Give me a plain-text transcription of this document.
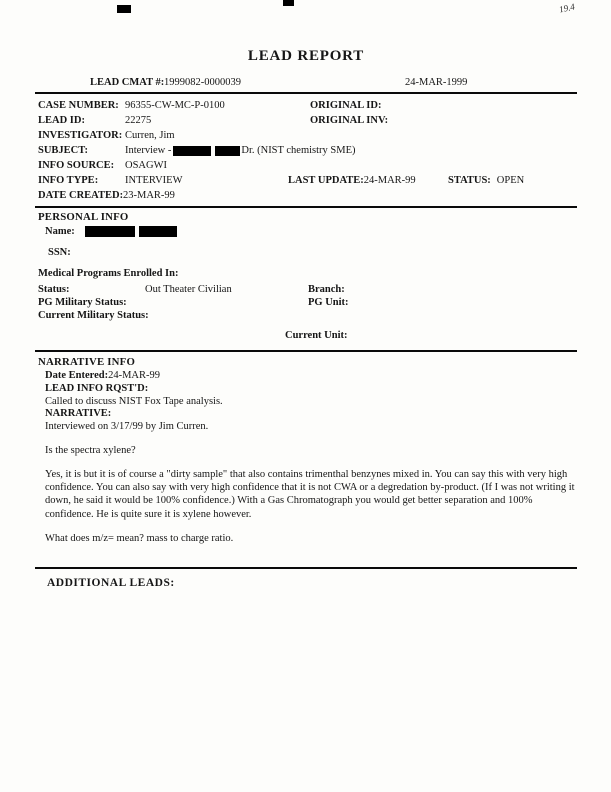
19.4
LEAD REPORT
LEAD CMAT #: 1999082-0000039	24-MAR-1999
CASE NUMBER: 96355-CW-MC-P-0100	ORIGINAL ID:
LEAD ID:	22275	ORIGINAL INV:
INVESTIGATOR: Curren, Jim
SUBJECT:	Interview -	Dr. (NIST chemistry SME)
INFO SOURCE: OSAGWI
INFO TYPE:	INTERVIEW	LAST UPDATE:24-MAR-99	STATUS: OPEN
DATE CREATED: 23-MAR-99
PERSONAL INFO
Name:
SSN:
Medical Programs Enrolled In:
Status:	Out Theater Civilian	Branch:
PG Military Status:	PG Unit:
Current Military Status:
Current Unit:
NARRATIVE INFO
Date Entered:24-MAR-99
LEAD INFO RQST'D:
Called to discuss NIST Fox Tape analysis.
NARRATIVE:
Interviewed on 3/17/99 by Jim Curren.
Is the spectra xylene?
Yes, it is but it is of course a "dirty sample" that also contains trimenthal benzynes mixed in. You can say this with very high confidence. You can also say with very high confidence that it is not CWA or a degredation by-product. (If I was not writing it down, he said it would be 100% confidence.) With a Gas Chromatograph you would get better separation and 100% confidence. He is quite sure it is xylene however.
What does m/z= mean? mass to charge ratio.
ADDITIONAL LEADS:
